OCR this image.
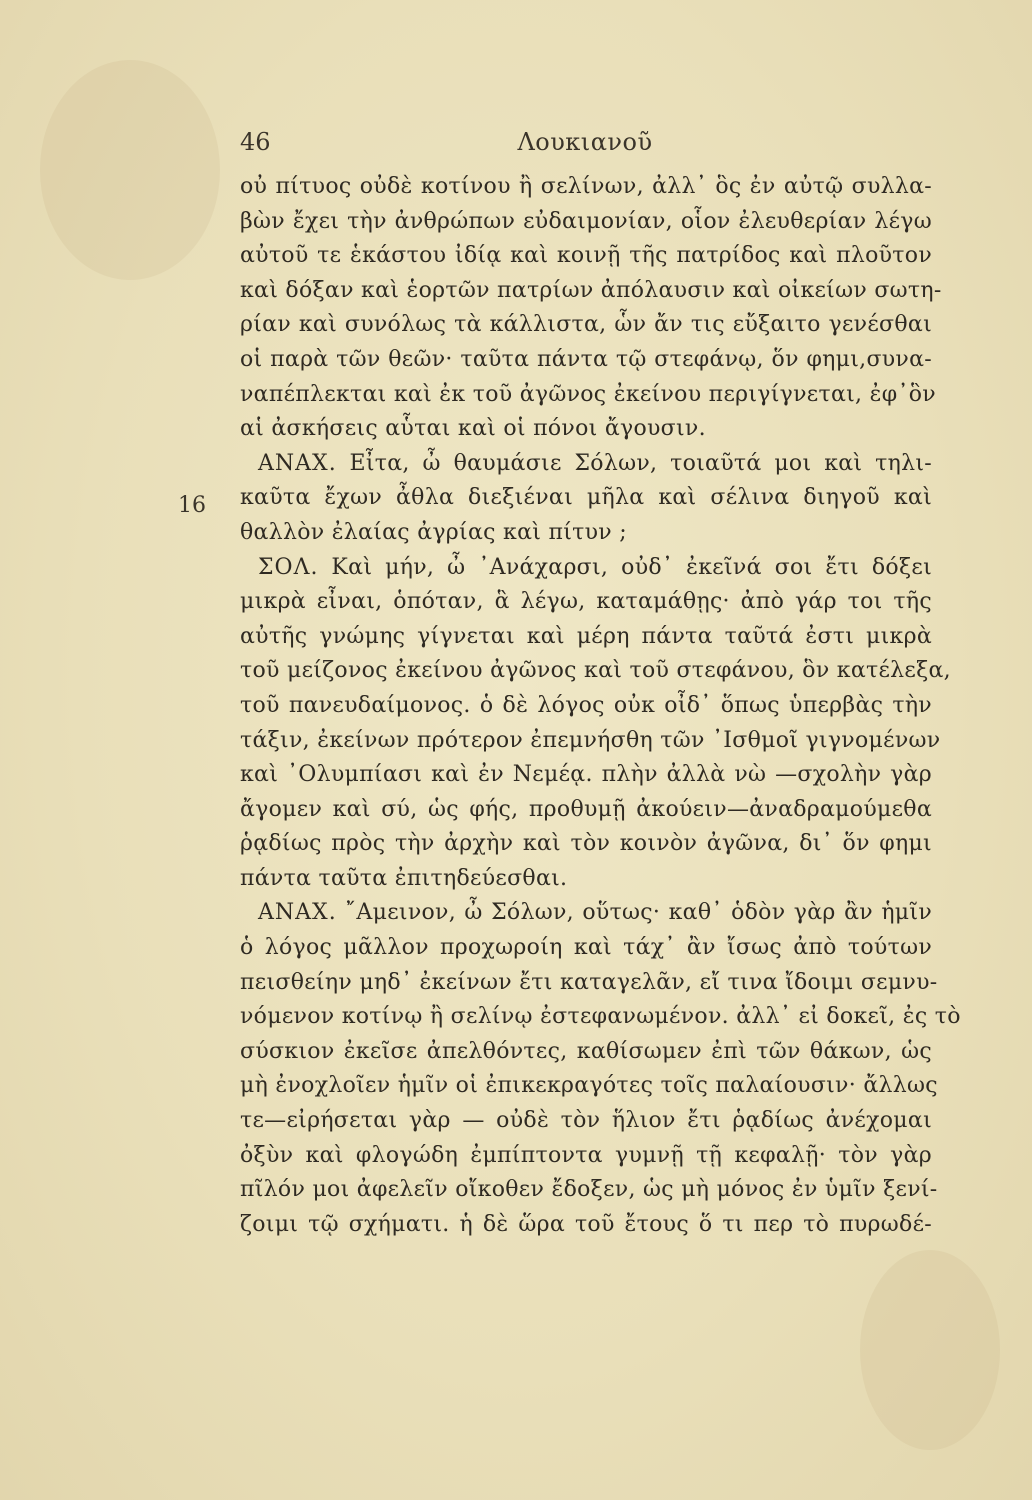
46	Λουκιανοῦ
16
οὐ πίτυος οὐδὲ κοτίνου ἢ σελίνων, ἀλλ᾽ ὃς ἐν αὐτῷ συλλα-
βὼν ἔχει τὴν ἀνθρώπων εὐδαιμονίαν, οἷον ἐλευθερίαν λέγω
αὐτοῦ τε ἑκάστου ἰδίᾳ καὶ κοινῇ τῆς πατρίδος καὶ πλοῦτον
καὶ δόξαν καὶ ἑορτῶν πατρίων ἀπόλαυσιν καὶ οἰκείων σωτη-
ρίαν καὶ συνόλως τὰ κάλλιστα, ὧν ἄν τις εὔξαιτο γενέσθαι
οἱ παρὰ τῶν θεῶν· ταῦτα πάντα τῷ στεφάνῳ, ὅν φημι,συνα-
ναπέπλεκται καὶ ἐκ τοῦ ἀγῶνος ἐκείνου περιγίγνεται, ἐφ᾽ὃν
αἱ ἀσκήσεις αὗται καὶ οἱ πόνοι ἄγουσιν.
ΑΝΑΧ. Εἶτα, ὦ θαυμάσιε Σόλων, τοιαῦτά μοι καὶ τηλι-
καῦτα ἔχων ἆθλα διεξιέναι μῆλα καὶ σέλινα διηγοῦ καὶ
θαλλὸν ἐλαίας ἀγρίας καὶ πίτυν ;
ΣΟΛ. Καὶ μήν, ὦ ᾽Ανάχαρσι, οὐδ᾽ ἐκεῖνά σοι ἔτι δόξει
μικρὰ εἶναι, ὁπόταν, ἃ λέγω, καταμάθῃς· ἀπὸ γάρ τοι τῆς
αὐτῆς γνώμης γίγνεται καὶ μέρη πάντα ταῦτά ἐστι μικρὰ
τοῦ μείζονος ἐκείνου ἀγῶνος καὶ τοῦ στεφάνου, ὃν κατέλεξα,
τοῦ πανευδαίμονος. ὁ δὲ λόγος οὐκ οἶδ᾽ ὅπως ὑπερβὰς τὴν
τάξιν, ἐκείνων πρότερον ἐπεμνήσθη τῶν ᾽Ισθμοῖ γιγνομένων
καὶ ᾽Ολυμπίασι καὶ ἐν Νεμέᾳ. πλὴν ἀλλὰ νὼ —σχολὴν γὰρ
ἄγομεν καὶ σύ, ὡς φής, προθυμῇ ἀκούειν—ἀναδραμούμεθα
ῥᾳδίως πρὸς τὴν ἀρχὴν καὶ τὸν κοινὸν ἀγῶνα, δι᾽ ὅν φημι
πάντα ταῦτα ἐπιτηδεύεσθαι.
ΑΝΑΧ. ῎Αμεινον, ὦ Σόλων, οὕτως· καθ᾽ ὁδὸν γὰρ ἂν ἡμῖν
ὁ λόγος μᾶλλον προχωροίη καὶ τάχ᾽ ἂν ἴσως ἀπὸ τούτων
πεισθείην μηδ᾽ ἐκείνων ἔτι καταγελᾶν, εἴ τινα ἴδοιμι σεμνυ-
νόμενον κοτίνῳ ἢ σελίνῳ ἐστεφανωμένον. ἀλλ᾽ εἰ δοκεῖ, ἐς τὸ
σύσκιον ἐκεῖσε ἀπελθόντες, καθίσωμεν ἐπὶ τῶν θάκων, ὡς
μὴ ἐνοχλοῖεν ἡμῖν οἱ ἐπικεκραγότες τοῖς παλαίουσιν· ἄλλως
τε—εἰρήσεται γὰρ — οὐδὲ τὸν ἥλιον ἔτι ῥᾳδίως ἀνέχομαι
ὀξὺν καὶ φλογώδη ἐμπίπτοντα γυμνῇ τῇ κεφαλῇ· τὸν γὰρ
πῖλόν μοι ἀφελεῖν οἴκοθεν ἔδοξεν, ὡς μὴ μόνος ἐν ὑμῖν ξενί-
ζοιμι τῷ σχήματι. ἡ δὲ ὥρα τοῦ ἔτους ὅ τι περ τὸ πυρωδέ-
